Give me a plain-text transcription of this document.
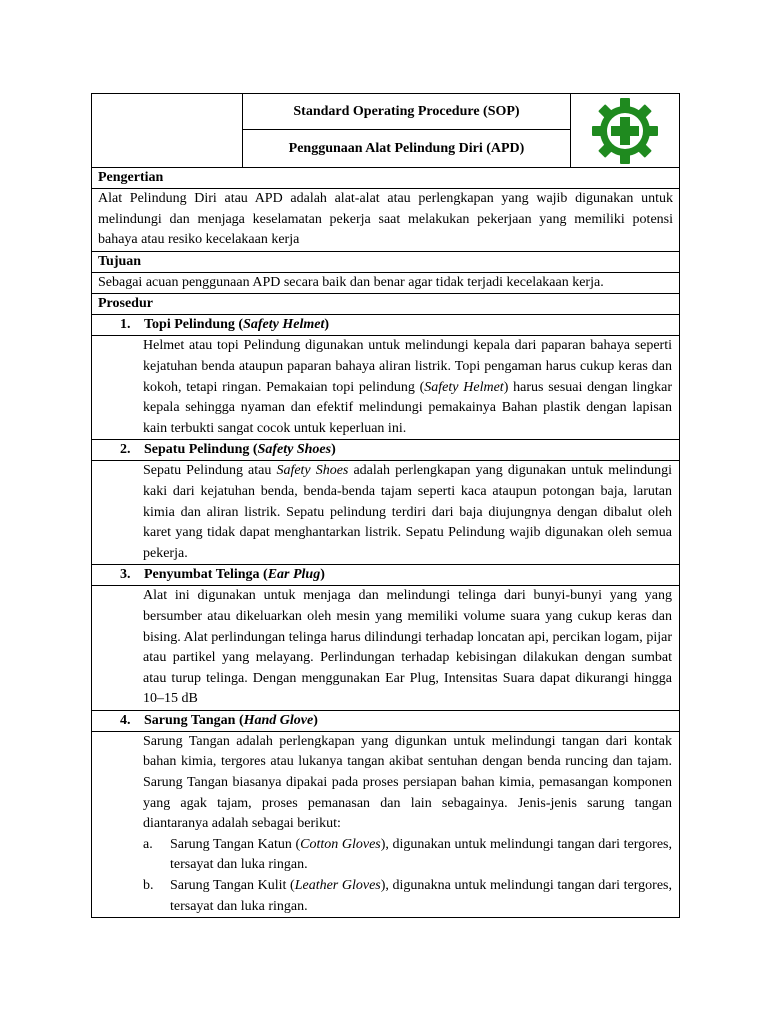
	Standard Operating Procedure (SOP)	

Penggunaan Alat Pelindung Diri (APD)
Pengertian
Alat Pelindung Diri atau APD adalah alat-alat atau perlengkapan yang wajib digunakan untuk melindungi dan menjaga keselamatan pekerja saat melakukan pekerjaan yang memiliki potensi bahaya atau resiko kecelakaan kerja
Tujuan
Sebagai acuan penggunaan APD secara baik dan benar agar tidak terjadi kecelakaan kerja.
Prosedur
1. Topi Pelindung (Safety Helmet)

Helmet atau topi Pelindung digunakan untuk melindungi kepala dari paparan bahaya seperti kejatuhan benda ataupun paparan bahaya aliran listrik. Topi pengaman harus cukup keras dan kokoh, tetapi ringan. Pemakaian topi pelindung (Safety Helmet) harus sesuai dengan lingkar kepala sehingga nyaman dan efektif melindungi pemakainya Bahan plastik dengan lapisan kain terbukti sangat cocok untuk keperluan ini.

2. Sepatu Pelindung (Safety Shoes)

Sepatu Pelindung atau Safety Shoes adalah perlengkapan yang digunakan untuk melindungi kaki dari kejatuhan benda, benda-benda tajam seperti kaca ataupun potongan baja, larutan kimia dan aliran listrik. Sepatu pelindung terdiri dari baja diujungnya dengan dibalut oleh karet yang tidak dapat menghantarkan listrik. Sepatu Pelindung wajib digunakan oleh semua pekerja.

3. Penyumbat Telinga (Ear Plug)

Alat ini digunakan untuk menjaga dan melindungi telinga dari bunyi-bunyi yang yang bersumber atau dikeluarkan oleh mesin yang memiliki volume suara yang cukup keras dan bising. Alat perlindungan telinga harus dilindungi terhadap loncatan api, percikan logam, pijar atau partikel yang melayang. Perlindungan terhadap kebisingan dilakukan dengan sumbat atau turup telinga. Dengan menggunakan Ear Plug, Intensitas Suara dapat dikurangi hingga 10–15 dB

4. Sarung Tangan (Hand Glove)

Sarung Tangan adalah perlengkapan yang digunkan untuk melindungi tangan dari kontak bahan kimia, tergores atau lukanya tangan akibat sentuhan dengan benda runcing dan tajam. Sarung Tangan biasanya dipakai pada proses persiapan bahan kimia, pemasangan komponen yang agak tajam, proses pemanasan dan lain sebagainya. Jenis-jenis sarung tangan diantaranya adalah sebagai berikut:

a. Sarung Tangan Katun (Cotton Gloves), digunakan untuk melindungi tangan dari tergores, tersayat dan luka ringan.
b. Sarung Tangan Kulit (Leather Gloves), digunakna untuk melindungi tangan dari tergores, tersayat dan luka ringan.
